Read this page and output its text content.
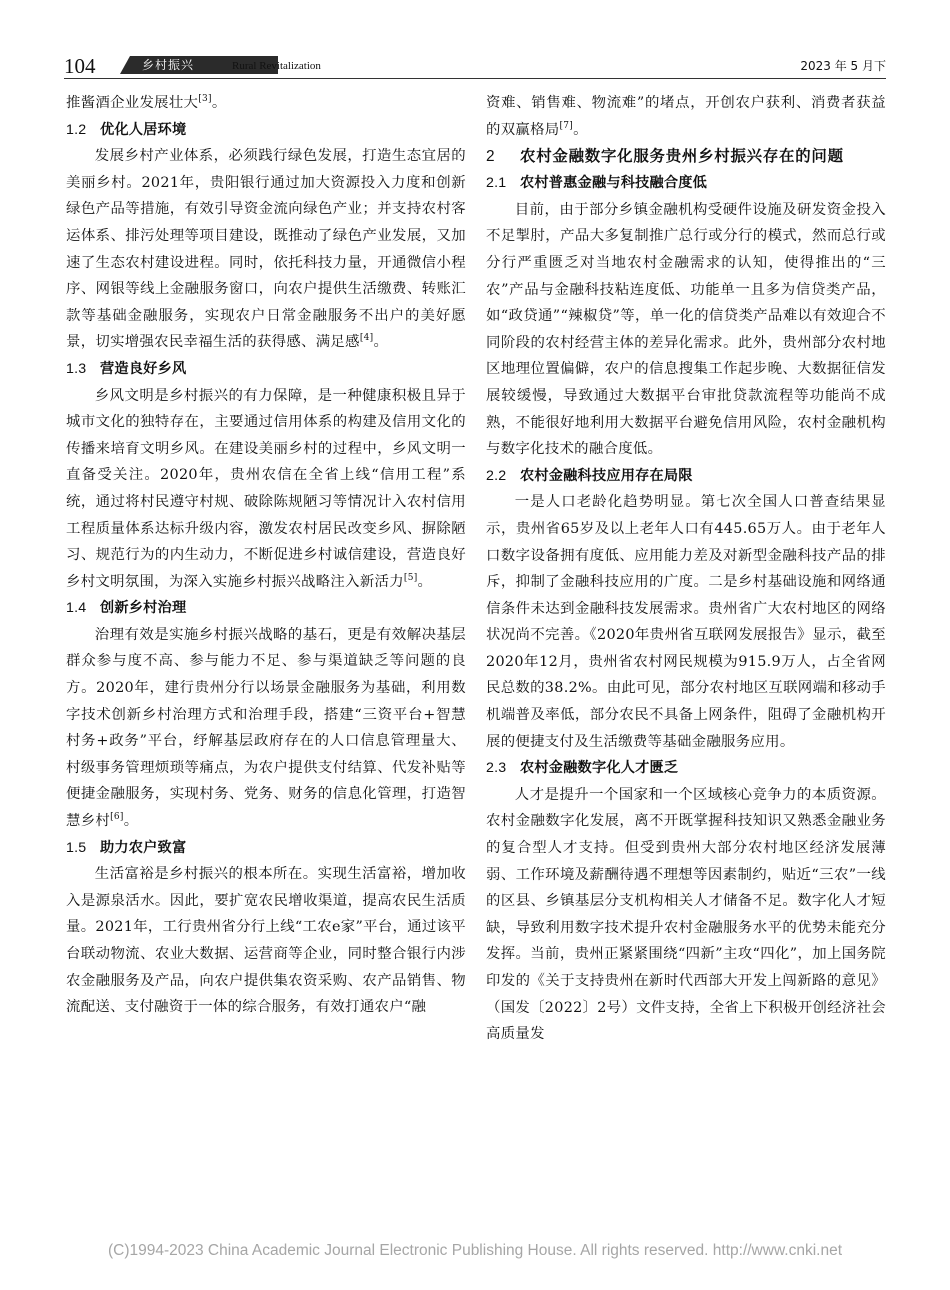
104	乡村振兴	Rural Revitalization	2023 年 5 月下

推酱酒企业发展壮大[3]。

1.2 优化人居环境

发展乡村产业体系，必须践行绿色发展，打造生态宜居的美丽乡村。2021年，贵阳银行通过加大资源投入力度和创新绿色产品等措施，有效引导资金流向绿色产业；并支持农村客运体系、排污处理等项目建设，既推动了绿色产业发展，又加速了生态农村建设进程。同时，依托科技力量，开通微信小程序、网银等线上金融服务窗口，向农户提供生活缴费、转账汇款等基础金融服务，实现农户日常金融服务不出户的美好愿景，切实增强农民幸福生活的获得感、满足感[4]。

1.3 营造良好乡风

乡风文明是乡村振兴的有力保障，是一种健康积极且异于城市文化的独特存在，主要通过信用体系的构建及信用文化的传播来培育文明乡风。在建设美丽乡村的过程中，乡风文明一直备受关注。2020年，贵州农信在全省上线“信用工程”系统，通过将村民遵守村规、破除陈规陋习等情况计入农村信用工程质量体系达标升级内容，激发农村居民改变乡风、摒除陋习、规范行为的内生动力，不断促进乡村诚信建设，营造良好乡村文明氛围，为深入实施乡村振兴战略注入新活力[5]。

1.4 创新乡村治理

治理有效是实施乡村振兴战略的基石，更是有效解决基层群众参与度不高、参与能力不足、参与渠道缺乏等问题的良方。2020年，建行贵州分行以场景金融服务为基础，利用数字技术创新乡村治理方式和治理手段，搭建“三资平台+智慧村务+政务”平台，纾解基层政府存在的人口信息管理量大、村级事务管理烦琐等痛点，为农户提供支付结算、代发补贴等便捷金融服务，实现村务、党务、财务的信息化管理，打造智慧乡村[6]。

1.5 助力农户致富

生活富裕是乡村振兴的根本所在。实现生活富裕，增加收入是源泉活水。因此，要扩宽农民增收渠道，提高农民生活质量。2021年，工行贵州省分行上线“工农e家”平台，通过该平台联动物流、农业大数据、运营商等企业，同时整合银行内涉农金融服务及产品，向农户提供集农资采购、农产品销售、物流配送、支付融资于一体的综合服务，有效打通农户“融

资难、销售难、物流难”的堵点，开创农户获利、消费者获益的双赢格局[7]。

2 农村金融数字化服务贵州乡村振兴存在的问题
2.1 农村普惠金融与科技融合度低

目前，由于部分乡镇金融机构受硬件设施及研发资金投入不足掣肘，产品大多复制推广总行或分行的模式，然而总行或分行严重匮乏对当地农村金融需求的认知，使得推出的“三农”产品与金融科技粘连度低、功能单一且多为信贷类产品，如“政贷通”“辣椒贷”等，单一化的信贷类产品难以有效迎合不同阶段的农村经营主体的差异化需求。此外，贵州部分农村地区地理位置偏僻，农户的信息搜集工作起步晚、大数据征信发展较缓慢，导致通过大数据平台审批贷款流程等功能尚不成熟，不能很好地利用大数据平台避免信用风险，农村金融机构与数字化技术的融合度低。

2.2 农村金融科技应用存在局限

一是人口老龄化趋势明显。第七次全国人口普查结果显示，贵州省65岁及以上老年人口有445.65万人。由于老年人口数字设备拥有度低、应用能力差及对新型金融科技产品的排斥，抑制了金融科技应用的广度。二是乡村基础设施和网络通信条件未达到金融科技发展需求。贵州省广大农村地区的网络状况尚不完善。《2020年贵州省互联网发展报告》显示，截至2020年12月，贵州省农村网民规模为915.9万人，占全省网民总数的38.2%。由此可见，部分农村地区互联网端和移动手机端普及率低，部分农民不具备上网条件，阻碍了金融机构开展的便捷支付及生活缴费等基础金融服务应用。

2.3 农村金融数字化人才匮乏

人才是提升一个国家和一个区域核心竞争力的本质资源。农村金融数字化发展，离不开既掌握科技知识又熟悉金融业务的复合型人才支持。但受到贵州大部分农村地区经济发展薄弱、工作环境及薪酬待遇不理想等因素制约，贴近“三农”一线的区县、乡镇基层分支机构相关人才储备不足。数字化人才短缺，导致利用数字技术提升农村金融服务水平的优势未能充分发挥。当前，贵州正紧紧围绕“四新”主攻“四化”，加上国务院印发的《关于支持贵州在新时代西部大开发上闯新路的意见》（国发〔2022〕2号）文件支持，全省上下积极开创经济社会高质量发

(C)1994-2023 China Academic Journal Electronic Publishing House. All rights reserved. http://www.cnki.net
